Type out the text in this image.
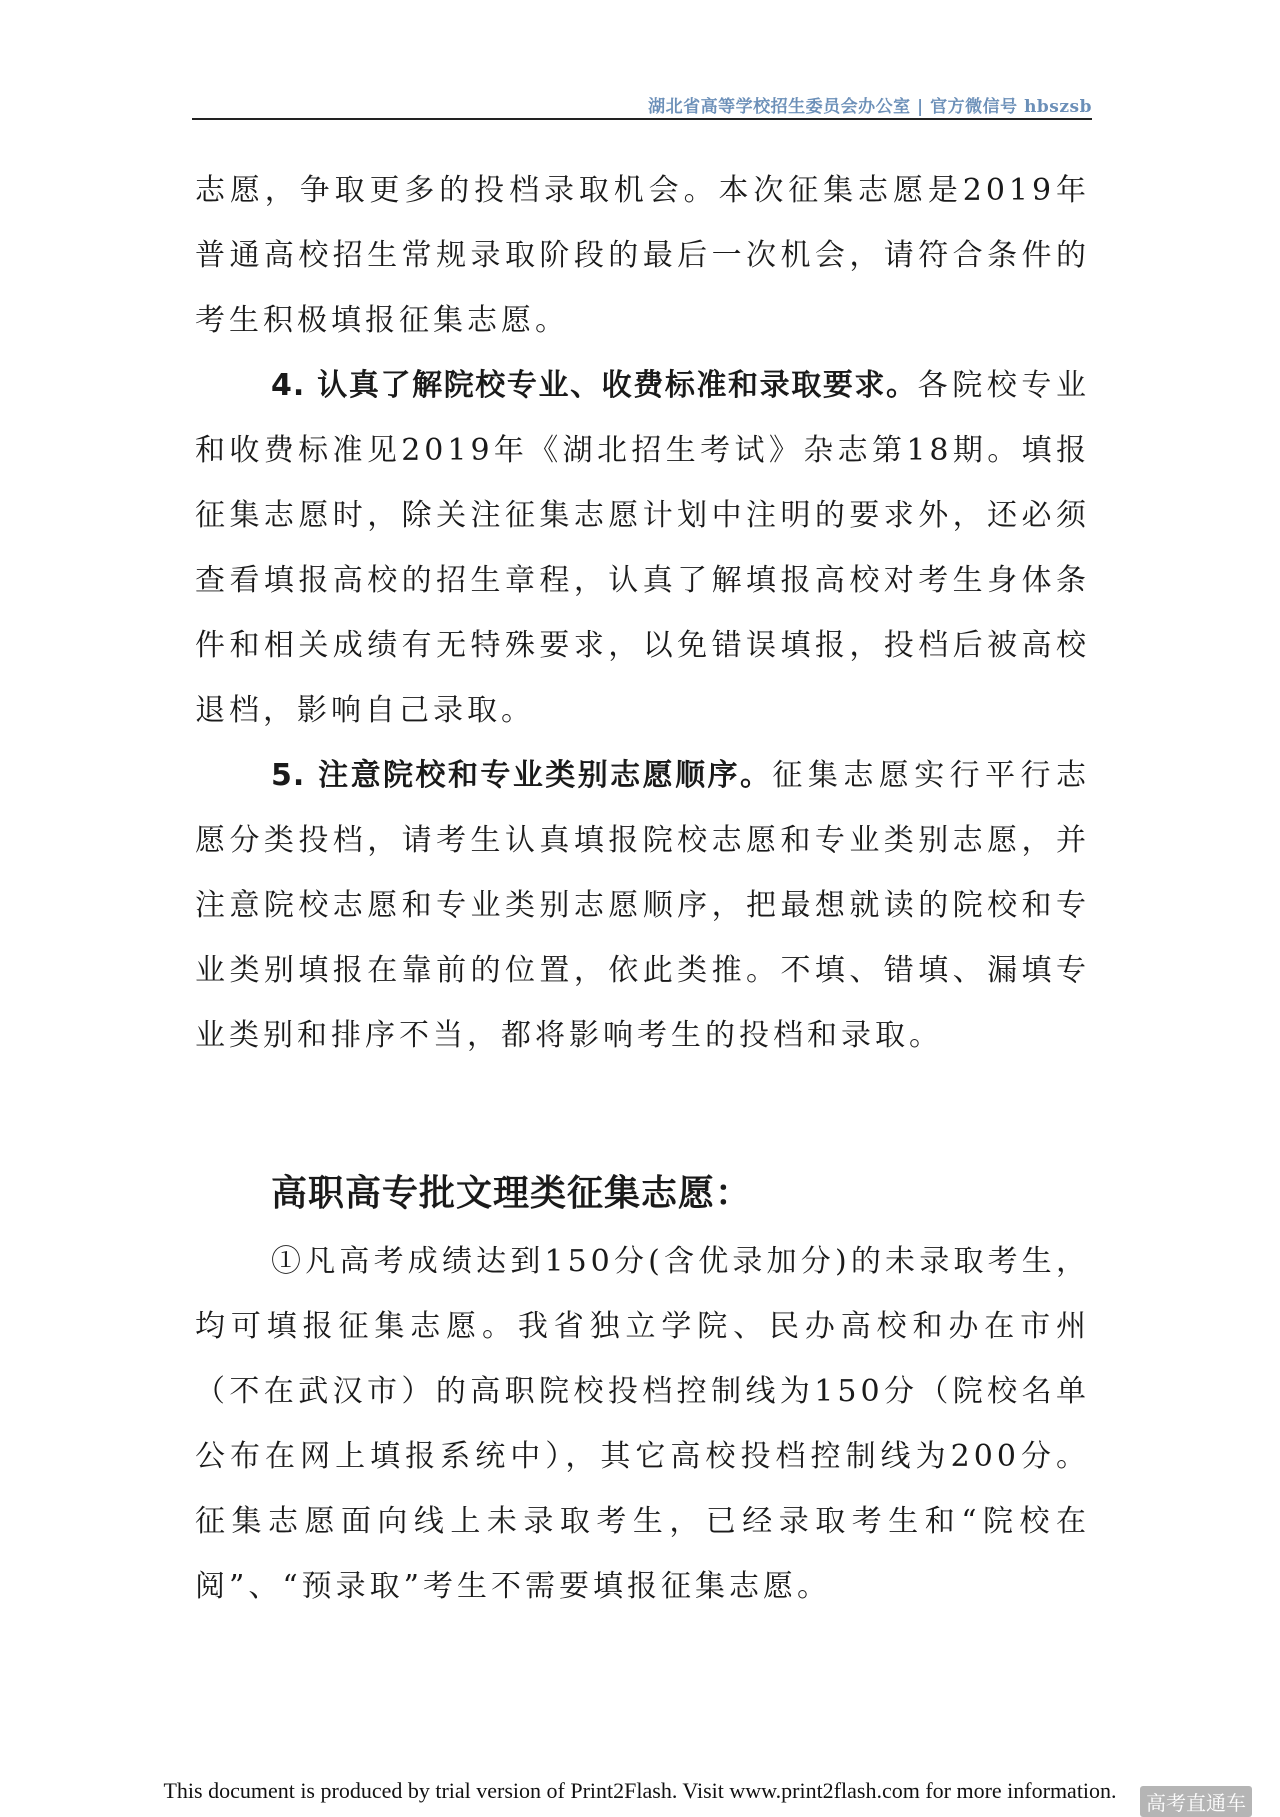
湖北省高等学校招生委员会办公室 | 官方微信号 hbszsb

志愿，争取更多的投档录取机会。本次征集志愿是2019年普通高校招生常规录取阶段的最后一次机会，请符合条件的考生积极填报征集志愿。

4. 认真了解院校专业、收费标准和录取要求。各院校专业和收费标准见2019年《湖北招生考试》杂志第18期。填报征集志愿时，除关注征集志愿计划中注明的要求外，还必须查看填报高校的招生章程，认真了解填报高校对考生身体条件和相关成绩有无特殊要求，以免错误填报，投档后被高校退档，影响自己录取。

5. 注意院校和专业类别志愿顺序。征集志愿实行平行志愿分类投档，请考生认真填报院校志愿和专业类别志愿，并注意院校志愿和专业类别志愿顺序，把最想就读的院校和专业类别填报在靠前的位置，依此类推。不填、错填、漏填专业类别和排序不当，都将影响考生的投档和录取。

高职高专批文理类征集志愿：

①凡高考成绩达到150分(含优录加分)的未录取考生，均可填报征集志愿。我省独立学院、民办高校和办在市州（不在武汉市）的高职院校投档控制线为150分（院校名单公布在网上填报系统中），其它高校投档控制线为200分。征集志愿面向线上未录取考生，已经录取考生和“院校在阅”、“预录取”考生不需要填报征集志愿。

This document is produced by trial version of Print2Flash. Visit www.print2flash.com for more information.	高考直通车
